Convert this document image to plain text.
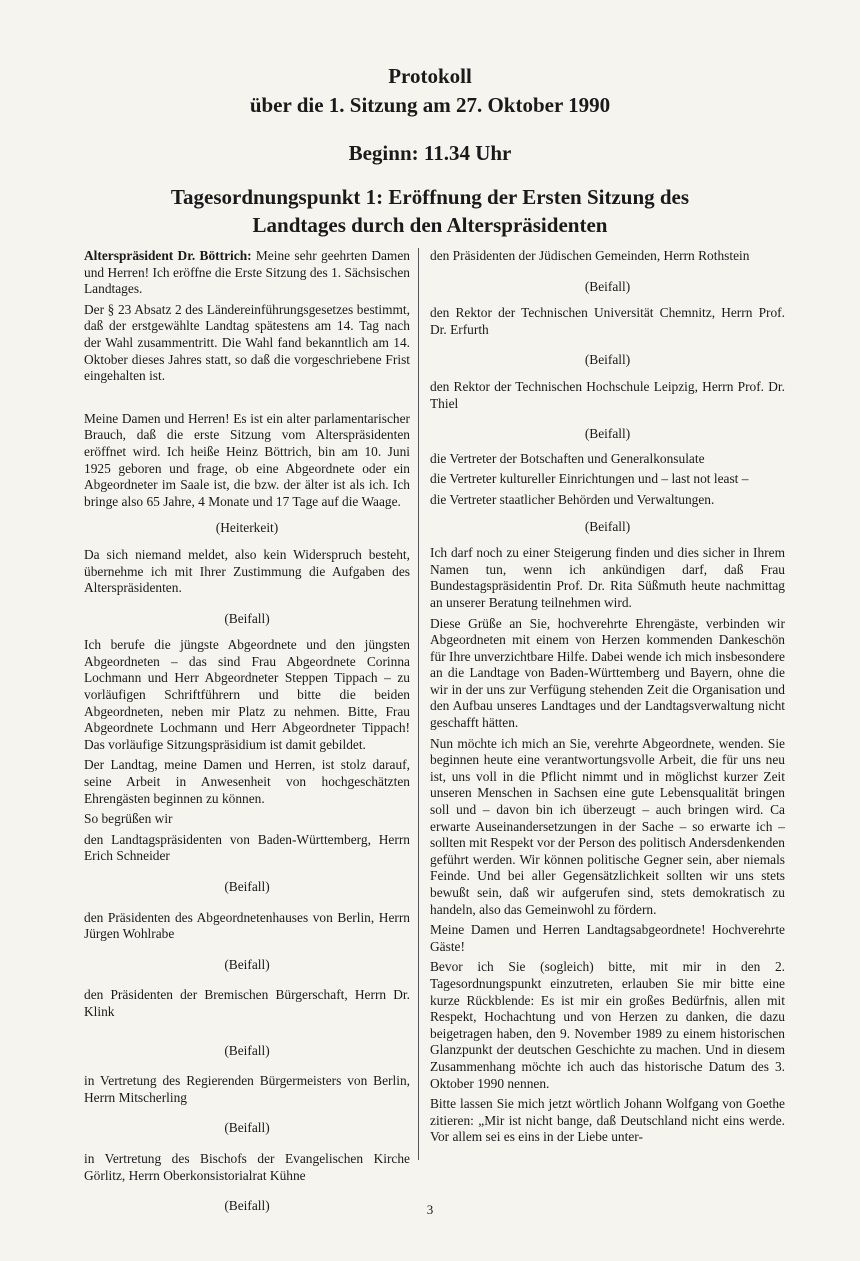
Protokoll
über die 1. Sitzung am 27. Oktober 1990
Beginn: 11.34 Uhr
Tagesordnungspunkt 1: Eröffnung der Ersten Sitzung des
Landtages durch den Alterspräsidenten

Alterspräsident Dr. Böttrich: Meine sehr geehrten Damen und Herren! Ich eröffne die Erste Sitzung des 1. Sächsischen Landtages.

Der § 23 Absatz 2 des Ländereinführungsgesetzes bestimmt, daß der erstgewählte Landtag spätestens am 14. Tag nach der Wahl zusammentritt. Die Wahl fand bekanntlich am 14. Oktober dieses Jahres statt, so daß die vorgeschriebene Frist eingehalten ist.

Meine Damen und Herren! Es ist ein alter parlamentarischer Brauch, daß die erste Sitzung vom Alterspräsidenten eröffnet wird. Ich heiße Heinz Böttrich, bin am 10. Juni 1925 geboren und frage, ob eine Abgeordnete oder ein Abgeordneter im Saale ist, die bzw. der älter ist als ich. Ich bringe also 65 Jahre, 4 Monate und 17 Tage auf die Waage.

(Heiterkeit)

Da sich niemand meldet, also kein Widerspruch besteht, übernehme ich mit Ihrer Zustimmung die Aufgaben des Alterspräsidenten.

(Beifall)

Ich berufe die jüngste Abgeordnete und den jüngsten Abgeordneten – das sind Frau Abgeordnete Corinna Lochmann und Herr Abgeordneter Steppen Tippach – zu vorläufigen Schriftführern und bitte die beiden Abgeordneten, neben mir Platz zu nehmen. Bitte, Frau Abgeordnete Lochmann und Herr Abgeordneter Tippach! Das vorläufige Sitzungspräsidium ist damit gebildet.

Der Landtag, meine Damen und Herren, ist stolz darauf, seine Arbeit in Anwesenheit von hochgeschätzten Ehrengästen beginnen zu können.

So begrüßen wir

den Landtagspräsidenten von Baden-Württemberg, Herrn Erich Schneider

(Beifall)

den Präsidenten des Abgeordnetenhauses von Berlin, Herrn Jürgen Wohlrabe

(Beifall)

den Präsidenten der Bremischen Bürgerschaft, Herrn Dr. Klink

(Beifall)

in Vertretung des Regierenden Bürgermeisters von Berlin, Herrn Mitscherling

(Beifall)

in Vertretung des Bischofs der Evangelischen Kirche Görlitz, Herrn Oberkonsistorialrat Kühne

(Beifall)

den Präsidenten der Jüdischen Gemeinden, Herrn Rothstein

(Beifall)

den Rektor der Technischen Universität Chemnitz, Herrn Prof. Dr. Erfurth

(Beifall)

den Rektor der Technischen Hochschule Leipzig, Herrn Prof. Dr. Thiel

(Beifall)

die Vertreter der Botschaften und Generalkonsulate

die Vertreter kultureller Einrichtungen und – last not least –

die Vertreter staatlicher Behörden und Verwaltungen.

(Beifall)

Ich darf noch zu einer Steigerung finden und dies sicher in Ihrem Namen tun, wenn ich ankündigen darf, daß Frau Bundestagspräsidentin Prof. Dr. Rita Süßmuth heute nachmittag an unserer Beratung teilnehmen wird.

Diese Grüße an Sie, hochverehrte Ehrengäste, verbinden wir Abgeordneten mit einem von Herzen kommenden Dankeschön für Ihre unverzichtbare Hilfe. Dabei wende ich mich insbesondere an die Landtage von Baden-Württemberg und Bayern, ohne die wir in der uns zur Verfügung stehenden Zeit die Organisation und den Aufbau unseres Landtages und der Landtagsverwaltung nicht geschafft hätten.

Nun möchte ich mich an Sie, verehrte Abgeordnete, wenden. Sie beginnen heute eine verantwortungsvolle Arbeit, die für uns neu ist, uns voll in die Pflicht nimmt und in möglichst kurzer Zeit unseren Menschen in Sachsen eine gute Lebensqualität bringen soll und – davon bin ich überzeugt – auch bringen wird. Ca erwarte Auseinandersetzungen in der Sache – so erwarte ich – sollten mit Respekt vor der Person des politisch Andersdenkenden geführt werden. Wir können politische Gegner sein, aber niemals Feinde. Und bei aller Gegensätzlichkeit sollten wir uns stets bewußt sein, daß wir aufgerufen sind, stets demokratisch zu handeln, also das Gemeinwohl zu fördern.

Meine Damen und Herren Landtagsabgeordnete! Hochverehrte Gäste!

Bevor ich Sie (sogleich) bitte, mit mir in den 2. Tagesordnungspunkt einzutreten, erlauben Sie mir bitte eine kurze Rückblende: Es ist mir ein großes Bedürfnis, allen mit Respekt, Hochachtung und von Herzen zu danken, die dazu beigetragen haben, den 9. November 1989 zu einem historischen Glanzpunkt der deutschen Geschichte zu machen. Und in diesem Zusammenhang möchte ich auch das historische Datum des 3. Oktober 1990 nennen.

Bitte lassen Sie mich jetzt wörtlich Johann Wolfgang von Goethe zitieren: „Mir ist nicht bange, daß Deutschland nicht eins werde. Vor allem sei es eins in der Liebe unter-

3
